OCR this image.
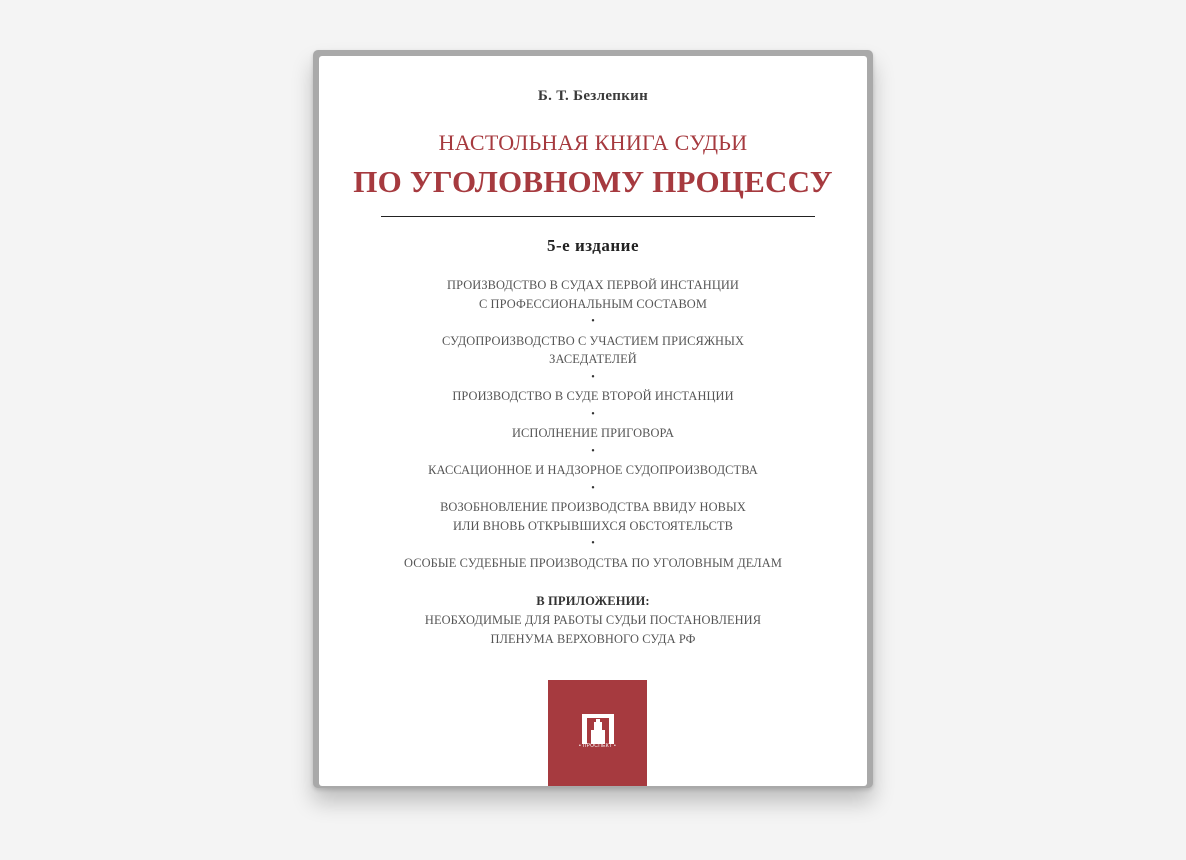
Б. Т. Безлепкин
НАСТОЛЬНАЯ КНИГА СУДЬИ
ПО УГОЛОВНОМУ ПРОЦЕССУ
5-е издание
ПРОИЗВОДСТВО В СУДАХ ПЕРВОЙ ИНСТАНЦИИ
С ПРОФЕССИОНАЛЬНЫМ СОСТАВОМ
•
СУДОПРОИЗВОДСТВО С УЧАСТИЕМ ПРИСЯЖНЫХ
ЗАСЕДАТЕЛЕЙ
•
ПРОИЗВОДСТВО В СУДЕ ВТОРОЙ ИНСТАНЦИИ
•
ИСПОЛНЕНИЕ ПРИГОВОРА
•
КАССАЦИОННОЕ И НАДЗОРНОЕ СУДОПРОИЗВОДСТВА
•
ВОЗОБНОВЛЕНИЕ ПРОИЗВОДСТВА ВВИДУ НОВЫХ
ИЛИ ВНОВЬ ОТКРЫВШИХСЯ ОБСТОЯТЕЛЬСТВ
•
ОСОБЫЕ СУДЕБНЫЕ ПРОИЗВОДСТВА ПО УГОЛОВНЫМ ДЕЛАМ
В ПРИЛОЖЕНИИ:
НЕОБХОДИМЫЕ ДЛЯ РАБОТЫ СУДЬИ ПОСТАНОВЛЕНИЯ
ПЛЕНУМА ВЕРХОВНОГО СУДА РФ
• ПРОСПЕКТ •
